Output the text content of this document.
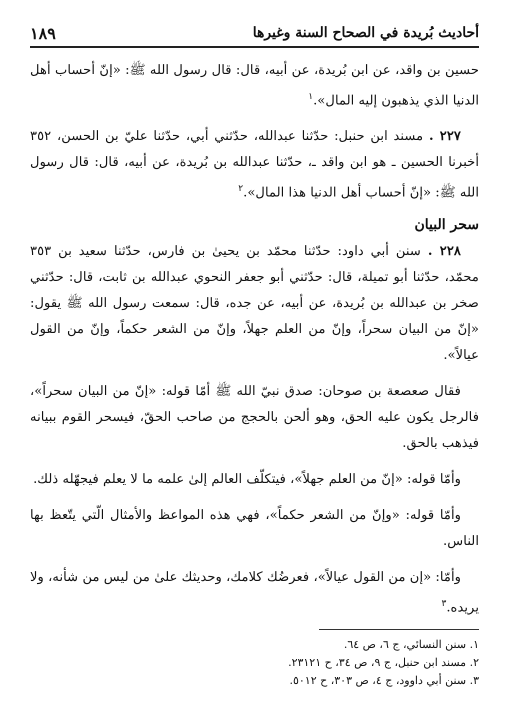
أحاديث بُريدة في الصحاح السنة وغيرها
١٨٩

حسين بن واقد، عن ابن بُريدة، عن أبيه، قال: قال رسول الله ﷺ: «إنّ أحساب أهل الدنيا الذي يذهبون إليه المال».$^١$

٢٢٧ . مسند ابن حنبل: حدّثنا عبدالله، حدّثني أبي، حدّثنا عليّ بن الحسن، ٣٥٢ أخبرنا الحسين ـ هو ابن واقد ـ، حدّثنا عبدالله بن بُريدة، عن أبيه، قال: قال رسول الله ﷺ: «إنّ أحساب أهل الدنيا هذا المال».$^٢$

سحر البيان

٢٢٨ . سنن أبي داود: حدّثنا محمّد بن يحيىٰ بن فارس، حدّثنا سعيد بن ٣٥٣ محمّد، حدّثنا أبو تميلة، قال: حدّثني أبو جعفر النحوي عبدالله بن ثابت، قال: حدّثني صخر بن عبدالله بن بُريدة، عن أبيه، عن جده، قال: سمعت رسول الله ﷺ يقول: «إنّ من البيان سحراً، وإنّ من العلم جهلاً، وإنّ من الشعر حكماً، وإنّ من القول عيالاً».

فقال صعصعة بن صوحان: صدق نبيّ الله ﷺ أمّا قوله: «إنّ من البيان سحراً»، فالرجل يكون عليه الحق، وهو ألحن بالحجج من صاحب الحقّ، فيسحر القوم ببيانه فيذهب بالحق.

وأمّا قوله: «إنّ من العلم جهلاً»، فيتكلّف العالم إلىٰ علمه ما لا يعلم فيجهّله ذلك.

وأمّا قوله: «وإنّ من الشعر حكماً»، فهي هذه المواعظ والأمثال الّتي يتّعظ بها الناس.

وأمّا: «إن من القول عيالاً»، فعرضُك كلامك، وحديثك علىٰ من ليس من شأنه، ولا يريده.$^٣$

١. سنن النسائي، ج ٦، ص ٦٤.

٢. مسند ابن حنبل، ج ٩، ص ٣٤، ح ٢٣١٢١.

٣. سنن أبي داوود، ج ٤، ص ٣٠٣، ح ٥٠١٢.
